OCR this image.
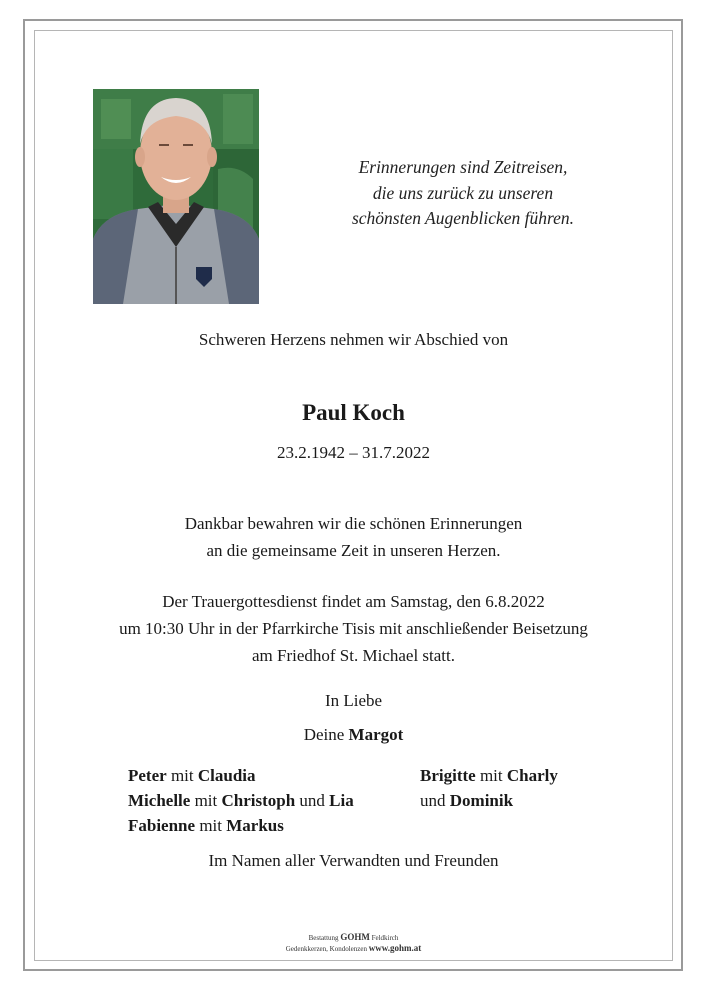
Erinnerungen sind Zeitreisen,
die uns zurück zu unseren
schönsten Augenblicken führen.
Schweren Herzens nehmen wir Abschied von
Paul Koch
23.2.1942 – 31.7.2022
Dankbar bewahren wir die schönen Erinnerungen
an die gemeinsame Zeit in unseren Herzen.
Der Trauergottesdienst findet am Samstag, den 6.8.2022
um 10:30 Uhr in der Pfarrkirche Tisis mit anschließender Beisetzung
am Friedhof St. Michael statt.
In Liebe
Deine Margot
Peter mit Claudia
Michelle mit Christoph und Lia
Fabienne mit Markus
Brigitte mit Charly
und Dominik
Im Namen aller Verwandten und Freunden
Bestattung GOHM Feldkirch
Gedenkkerzen, Kondolenzen www.gohm.at
